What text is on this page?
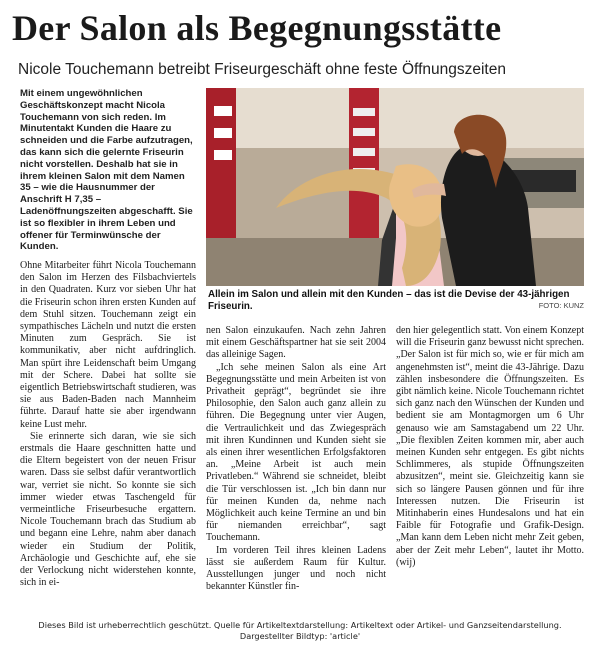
Der Salon als Begegnungsstätte
Nicole Touchemann betreibt Friseurgeschäft ohne feste Öffnungszeiten

Mit einem ungewöhnlichen Geschäftskonzept macht Nicola Touchemann von sich reden. Im Minutentakt Kunden die Haare zu schneiden und die Farbe aufzutragen, das kann sich die gelernte Friseurin nicht vorstellen. Deshalb hat sie in ihrem kleinen Salon mit dem Namen 35 – wie die Hausnummer der Anschrift H 7,35 – Ladenöffnungszeiten abgeschafft. Sie ist so flexibler in ihrem Leben und offener für Terminwünsche der Kunden.

Allein im Salon und allein mit den Kunden – das ist die Devise der 43-jährigen Friseurin.	FOTO: KUNZ

Ohne Mitarbeiter führt Nicola Touchemann den Salon im Herzen des Filsbachviertels in den Quadraten. Kurz vor sieben Uhr hat die Friseurin schon ihren ersten Kunden auf dem Stuhl sitzen. Touchemann zeigt ein sympathisches Lächeln und nutzt die ersten Minuten zum Gespräch. Sie ist kommunikativ, aber nicht aufdringlich. Man spürt ihre Leidenschaft beim Umgang mit der Schere. Dabei hat sollte sie eigentlich Betriebswirtschaft studieren, was sie aus Baden-Baden nach Mannheim führte. Darauf hatte sie aber irgendwann keine Lust mehr.

Sie erinnerte sich daran, wie sie sich erstmals die Haare geschnitten hatte und die Eltern begeistert von der neuen Frisur waren. Dass sie selbst dafür verantwortlich war, verriet sie nicht. So konnte sie sich immer wieder etwas Taschengeld für vermeintliche Friseurbesuche ergattern. Nicole Touchemann brach das Studium ab und begann eine Lehre, nahm aber danach wieder ein Studium der Politik, Archäologie und Geschichte auf, ehe sie der Verlockung nicht widerstehen konnte, sich in ei-

nen Salon einzukaufen. Nach zehn Jahren mit einem Geschäftspartner hat sie seit 2004 das alleinige Sagen.

„Ich sehe meinen Salon als eine Art Begegnungsstätte und mein Arbeiten ist von Privatheit geprägt“, begründet sie ihre Philosophie, den Salon auch ganz allein zu führen. Die Begegnung unter vier Augen, die Vertraulichkeit und das Zwiegespräch mit ihren Kundinnen und Kunden sieht sie als einen ihrer wesentlichen Erfolgsfaktoren an. „Meine Arbeit ist auch mein Privatleben.“ Während sie schneidet, bleibt die Tür verschlossen ist. „Ich bin dann nur für meinen Kunden da, nehme nach Möglichkeit auch keine Termine an und bin für niemanden erreichbar“, sagt Touchemann.

Im vorderen Teil ihres kleinen Ladens lässt sie außerdem Raum für Kultur. Ausstellungen junger und noch nicht bekannter Künstler fin-

den hier gelegentlich statt. Von einem Konzept will die Friseurin ganz bewusst nicht sprechen. „Der Salon ist für mich so, wie er für mich am angenehmsten ist“, meint die 43-Jährige. Dazu zählen insbesondere die Öffnungszeiten. Es gibt nämlich keine. Nicole Touchemann richtet sich ganz nach den Wünschen der Kunden und bedient sie am Montagmorgen um 6 Uhr genauso wie am Samstagabend um 22 Uhr. „Die flexiblen Zeiten kommen mir, aber auch meinen Kunden sehr entgegen. Es gibt nichts Schlimmeres, als stupide Öffnungszeiten abzusitzen“, meint sie. Gleichzeitig kann sie sich so längere Pausen gönnen und für ihre Interessen nutzen. Die Friseurin ist Mitinhaberin eines Hundesalons und hat ein Faible für Fotografie und Grafik-Design. „Man kann dem Leben nicht mehr Zeit geben, aber der Zeit mehr Leben“, lautet ihr Motto. (wij)

Dieses Bild ist urheberrechtlich geschützt. Quelle für Artikeltextdarstellung: Artikeltext oder Artikel- und Ganzseitendarstellung.
Dargestellter Bildtyp: 'article'
